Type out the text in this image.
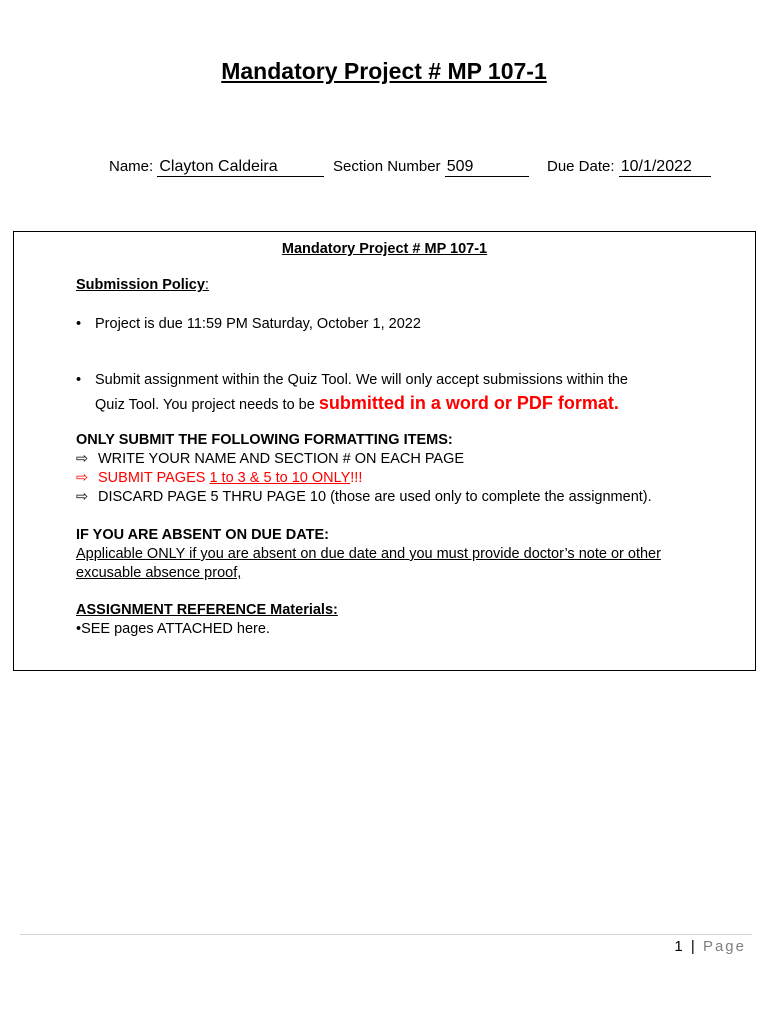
Mandatory Project # MP 107-1
Name: Clayton Caldeira	Section Number 509	Due Date: 10/1/2022
Mandatory Project # MP 107-1
Submission Policy:
• Project is due 11:59 PM Saturday, October 1, 2022
• Submit assignment within the Quiz Tool. We will only accept submissions within the
Quiz Tool. You project needs to be submitted in a word or PDF format.
ONLY SUBMIT THE FOLLOWING FORMATTING ITEMS:
⇨ WRITE YOUR NAME AND SECTION # ON EACH PAGE
⇨ SUBMIT PAGES 1 to 3 & 5 to 10 ONLY!!!
⇨ DISCARD PAGE 5 THRU PAGE 10 (those are used only to complete the assignment).
IF YOU ARE ABSENT ON DUE DATE:
Applicable ONLY if you are absent on due date and you must provide doctor’s note or other
excusable absence proof,
ASSIGNMENT REFERENCE Materials:
•SEE pages ATTACHED here.
1 | Page
